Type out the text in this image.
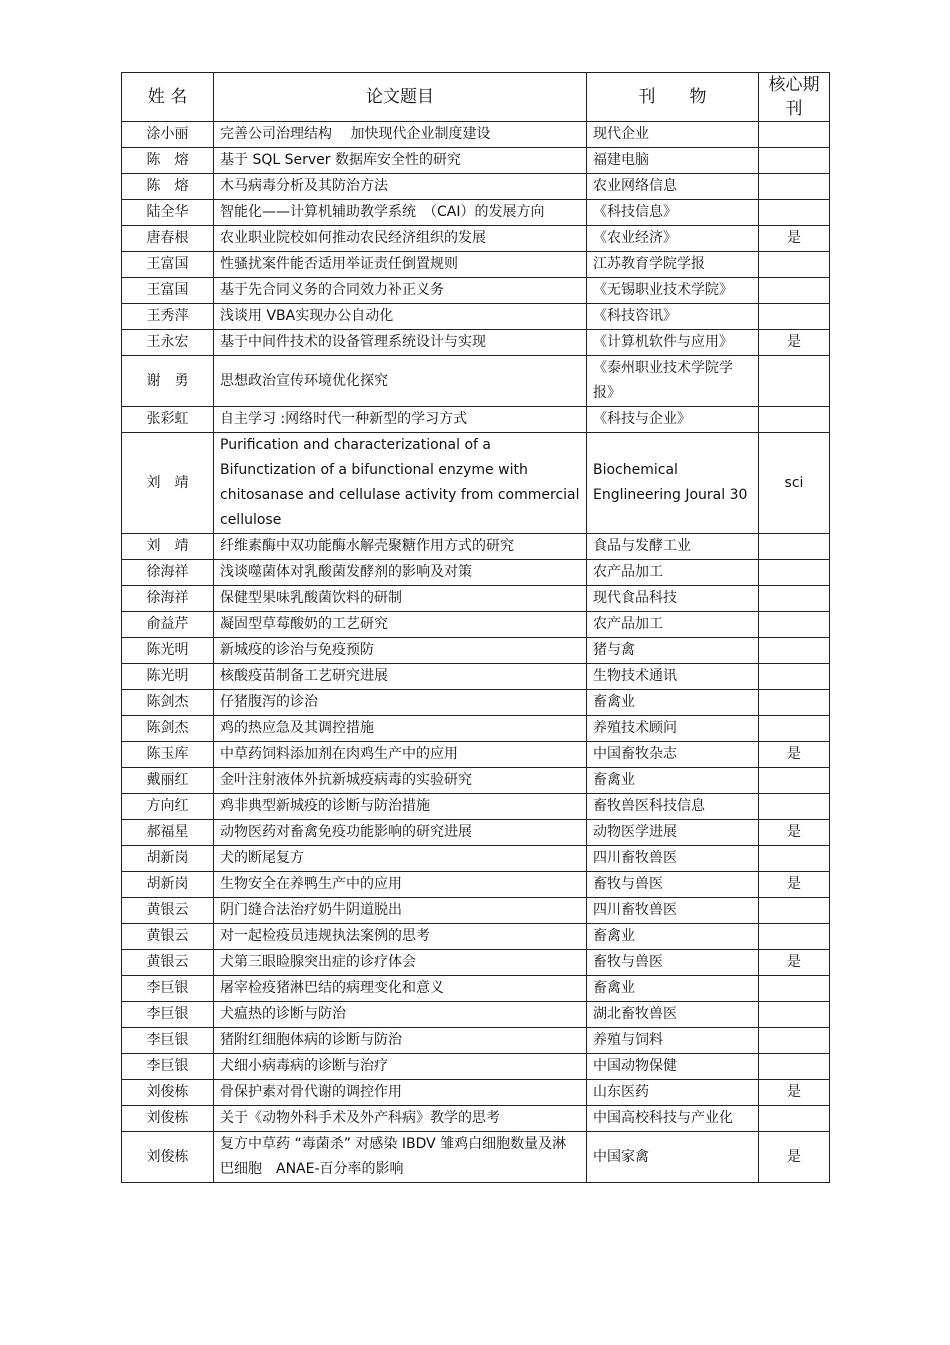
姓 名	论文题目	刊　　物	核心期刊
涂小丽	完善公司治理结构　 加快现代企业制度建设	现代企业	
陈　熔	基于 SQL Server 数据库安全性的研究	福建电脑	
陈　熔	木马病毒分析及其防治方法	农业网络信息	
陆全华	智能化——计算机辅助教学系统　（CAI）的发展方向	《科技信息》	
唐春根	农业职业院校如何推动农民经济组织的发展	《农业经济》	是
王富国	性骚扰案件能否适用举证责任倒置规则	江苏教育学院学报	
王富国	基于先合同义务的合同效力补正义务	《无锡职业技术学院》	
王秀萍	浅谈用 VBA实现办公自动化	《科技咨讯》	
王永宏	基于中间件技术的设备管理系统设计与实现	《计算机软件与应用》	是
谢　勇	思想政治宣传环境优化探究	《泰州职业技术学院学报》	
张彩虹	自主学习 :网络时代一种新型的学习方式	《科技与企业》	
刘　靖	Purification and characterizational of a Bifunctization of a bifunctional enzyme with chitosanase and cellulase activity from commercial cellulose	Biochemical Englineering Joural 30	sci
刘　靖	纤维素酶中双功能酶水解壳聚糖作用方式的研究	食品与发酵工业	
徐海祥	浅谈噬菌体对乳酸菌发酵剂的影响及对策	农产品加工	
徐海祥	保健型果味乳酸菌饮料的研制	现代食品科技	
俞益芹	凝固型草莓酸奶的工艺研究	农产品加工	
陈光明	新城疫的诊治与免疫预防	猪与禽	
陈光明	核酸疫苗制备工艺研究进展	生物技术通讯	
陈剑杰	仔猪腹泻的诊治	畜禽业	
陈剑杰	鸡的热应急及其调控措施	养殖技术顾问	
陈玉库	中草药饲料添加剂在肉鸡生产中的应用	中国畜牧杂志	是
戴丽红	金叶注射液体外抗新城疫病毒的实验研究	畜禽业	
方向红	鸡非典型新城疫的诊断与防治措施	畜牧兽医科技信息	
郝福星	动物医药对畜禽免疫功能影响的研究进展	动物医学进展	是
胡新岗	犬的断尾复方	四川畜牧兽医	
胡新岗	生物安全在养鸭生产中的应用	畜牧与兽医	是
黄银云	阴门缝合法治疗奶牛阴道脱出	四川畜牧兽医	
黄银云	对一起检疫员违规执法案例的思考	畜禽业	
黄银云	犬第三眼睑腺突出症的诊疗体会	畜牧与兽医	是
李巨银	屠宰检疫猪淋巴结的病理变化和意义	畜禽业	
李巨银	犬瘟热的诊断与防治	湖北畜牧兽医	
李巨银	猪附红细胞体病的诊断与防治	养殖与饲料	
李巨银	犬细小病毒病的诊断与治疗	中国动物保健	
刘俊栋	骨保护素对骨代谢的调控作用	山东医药	是
刘俊栋	关于《动物外科手术及外产科病》教学的思考	中国高校科技与产业化	
刘俊栋	复方中草药 “毒菌杀” 对感染 IBDV 雏鸡白细胞数量及淋巴细胞　ANAE-百分率的影响	中国家禽	是
